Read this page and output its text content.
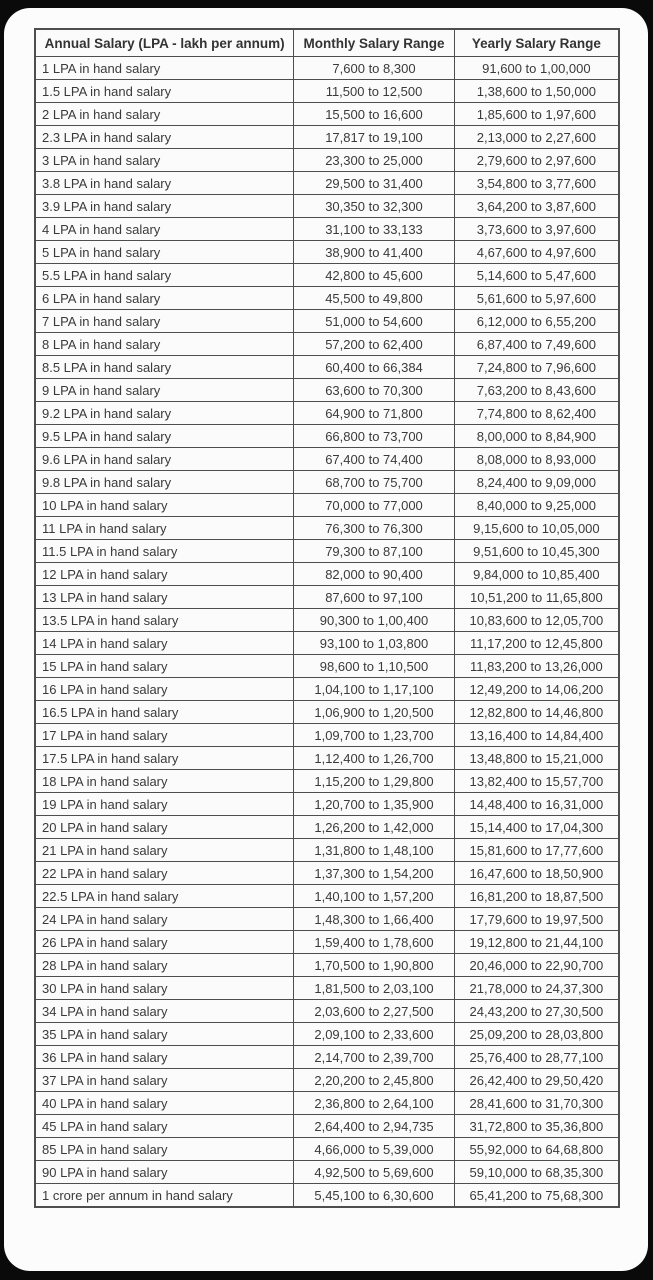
Annual Salary (LPA - lakh per annum)	Monthly Salary Range	Yearly Salary Range
1 LPA in hand salary	7,600 to 8,300	91,600 to 1,00,000
1.5 LPA in hand salary	11,500 to 12,500	1,38,600 to 1,50,000
2 LPA in hand salary	15,500 to 16,600	1,85,600 to 1,97,600
2.3 LPA in hand salary	17,817 to 19,100	2,13,000 to 2,27,600
3 LPA in hand salary	23,300 to 25,000	2,79,600 to 2,97,600
3.8 LPA in hand salary	29,500 to 31,400	3,54,800 to 3,77,600
3.9 LPA in hand salary	30,350 to 32,300	3,64,200 to 3,87,600
4 LPA in hand salary	31,100 to 33,133	3,73,600 to 3,97,600
5 LPA in hand salary	38,900 to 41,400	4,67,600 to 4,97,600
5.5 LPA in hand salary	42,800 to 45,600	5,14,600 to 5,47,600
6 LPA in hand salary	45,500 to 49,800	5,61,600 to 5,97,600
7 LPA in hand salary	51,000 to 54,600	6,12,000 to 6,55,200
8 LPA in hand salary	57,200 to 62,400	6,87,400 to 7,49,600
8.5 LPA in hand salary	60,400 to 66,384	7,24,800 to 7,96,600
9 LPA in hand salary	63,600 to 70,300	7,63,200 to 8,43,600
9.2 LPA in hand salary	64,900 to 71,800	7,74,800 to 8,62,400
9.5 LPA in hand salary	66,800 to 73,700	8,00,000 to 8,84,900
9.6 LPA in hand salary	67,400 to 74,400	8,08,000 to 8,93,000
9.8 LPA in hand salary	68,700 to 75,700	8,24,400 to 9,09,000
10 LPA in hand salary	70,000 to 77,000	8,40,000 to 9,25,000
11 LPA in hand salary	76,300 to 76,300	9,15,600 to 10,05,000
11.5 LPA in hand salary	79,300 to 87,100	9,51,600 to 10,45,300
12 LPA in hand salary	82,000 to 90,400	9,84,000 to 10,85,400
13 LPA in hand salary	87,600 to 97,100	10,51,200 to 11,65,800
13.5 LPA in hand salary	90,300 to 1,00,400	10,83,600 to 12,05,700
14 LPA in hand salary	93,100 to 1,03,800	11,17,200 to 12,45,800
15 LPA in hand salary	98,600 to 1,10,500	11,83,200 to 13,26,000
16 LPA in hand salary	1,04,100 to 1,17,100	12,49,200 to 14,06,200
16.5 LPA in hand salary	1,06,900 to 1,20,500	12,82,800 to 14,46,800
17 LPA in hand salary	1,09,700 to 1,23,700	13,16,400 to 14,84,400
17.5 LPA in hand salary	1,12,400 to 1,26,700	13,48,800 to 15,21,000
18 LPA in hand salary	1,15,200 to 1,29,800	13,82,400 to 15,57,700
19 LPA in hand salary	1,20,700 to 1,35,900	14,48,400 to 16,31,000
20 LPA in hand salary	1,26,200 to 1,42,000	15,14,400 to 17,04,300
21 LPA in hand salary	1,31,800 to 1,48,100	15,81,600 to 17,77,600
22 LPA in hand salary	1,37,300 to 1,54,200	16,47,600 to 18,50,900
22.5 LPA in hand salary	1,40,100 to 1,57,200	16,81,200 to 18,87,500
24 LPA in hand salary	1,48,300 to 1,66,400	17,79,600 to 19,97,500
26 LPA in hand salary	1,59,400 to 1,78,600	19,12,800 to 21,44,100
28 LPA in hand salary	1,70,500 to 1,90,800	20,46,000 to 22,90,700
30 LPA in hand salary	1,81,500 to 2,03,100	21,78,000 to 24,37,300
34 LPA in hand salary	2,03,600 to 2,27,500	24,43,200 to 27,30,500
35 LPA in hand salary	2,09,100 to 2,33,600	25,09,200 to 28,03,800
36 LPA in hand salary	2,14,700 to 2,39,700	25,76,400 to 28,77,100
37 LPA in hand salary	2,20,200 to 2,45,800	26,42,400 to 29,50,420
40 LPA in hand salary	2,36,800 to 2,64,100	28,41,600 to 31,70,300
45 LPA in hand salary	2,64,400 to 2,94,735	31,72,800 to 35,36,800
85 LPA in hand salary	4,66,000 to 5,39,000	55,92,000 to 64,68,800
90 LPA in hand salary	4,92,500 to 5,69,600	59,10,000 to 68,35,300
1 crore per annum in hand salary	5,45,100 to 6,30,600	65,41,200 to 75,68,300
